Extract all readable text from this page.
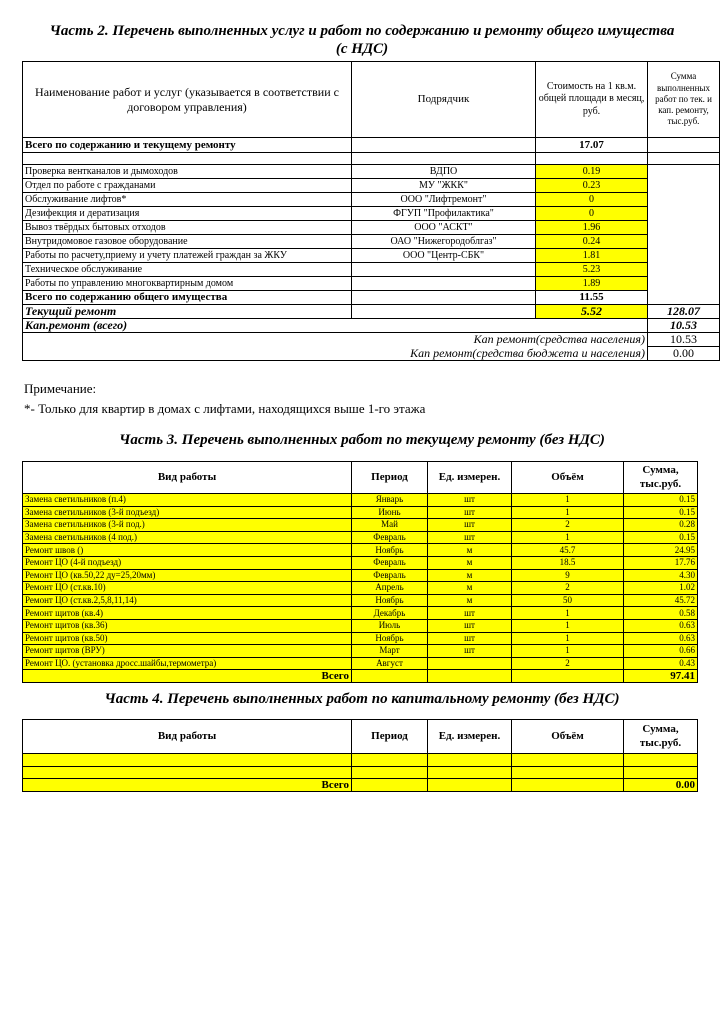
Часть 2. Перечень выполненных услуг и работ по содержанию и ремонту общего имущества
(с НДС)
Наименование работ и услуг (указывается в соответствии с договором управления)	Подрядчик	Стоимость на 1 кв.м. общей площади в месяц, руб.	Сумма выполненных работ по тек. и кап. ремонту, тыс.руб.
Всего по содержанию и текущему ремонту		17.07	

Проверка вентканалов и дымоходов	ВДПО	0.19	
Отдел по работе с гражданами	МУ "ЖКК"	0.23	
Обслуживание лифтов*	ООО "Лифтремонт"	0	
Дезифекция и дератизация	ФГУП "Профилактика"	0	
Вывоз твёрдых бытовых отходов	ООО "АСКТ"	1.96	
Внутридомовое газовое оборудование	ОАО "Нижегородоблгаз"	0.24	
Работы по расчету,приему и учету платежей граждан за ЖКУ	ООО "Центр-СБК"	1.81	
Техническое обслуживание		5.23	
Работы по управлению многоквартирным домом		1.89	
Всего по содержанию общего имущества		11.55	
Текущий ремонт		5.52	128.07
Кап.ремонт (всего)			10.53
Кап ремонт(средства населения)			10.53
Кап ремонт(средства бюджета и населения)			0.00

Примечание:

*- Только для квартир в домах с лифтами, находящихся выше 1-го этажа

Часть 3. Перечень выполненных работ по текущему ремонту (без НДС)
Вид работы	Период	Ед. измерен.	Объём	Сумма, тыс.руб.
Замена светильников (п.4)	Январь	шт	1	0.15
Замена светильников (3-й подъезд)	Июнь	шт	1	0.15
Замена светильников (3-й под.)	Май	шт	2	0.28
Замена светильников (4 под.)	Февраль	шт	1	0.15
Ремонт швов ()	Ноябрь	м	45.7	24.95
Ремонт ЦО (4-й подъезд)	Февраль	м	18.5	17.76
Ремонт ЦО (кв.50,22 ду=25,20мм)	Февраль	м	9	4.30
Ремонт ЦО (ст.кв.10)	Апрель	м	2	1.02
Ремонт ЦО (ст.кв.2,5,8,11,14)	Ноябрь	м	50	45.72
Ремонт щитов (кв.4)	Декабрь	шт	1	0.58
Ремонт щитов (кв.36)	Июль	шт	1	0.63
Ремонт щитов (кв.50)	Ноябрь	шт	1	0.63
Ремонт щитов (ВРУ)	Март	шт	1	0.66
Ремонт ЦО. (установка дросс.шайбы,термометра)	Август		2	0.43
Всего				97.41
Часть 4. Перечень выполненных работ по капитальному ремонту (без НДС)
Вид работы	Период	Ед. измерен.	Объём	Сумма, тыс.руб.

Всего				0.00
